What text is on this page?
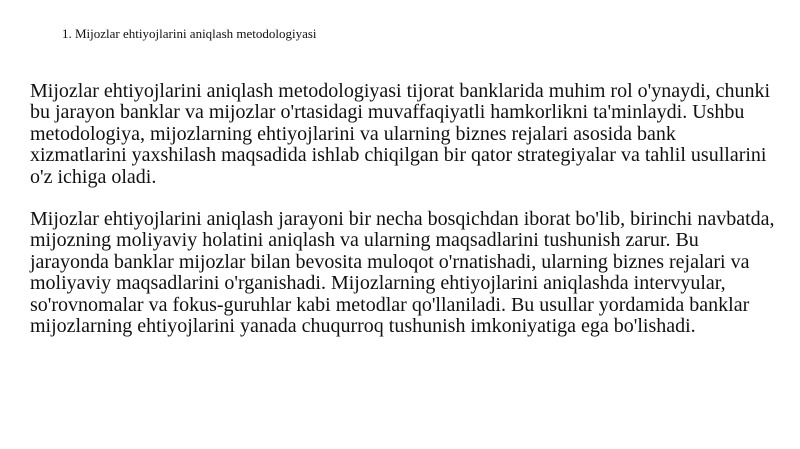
1. Mijozlar ehtiyojlarini aniqlash metodologiyasi

Mijozlar ehtiyojlarini aniqlash metodologiyasi tijorat banklarida muhim rol o'ynaydi, chunki bu jarayon banklar va mijozlar o'rtasidagi muvaffaqiyatli hamkorlikni ta'minlaydi. Ushbu metodologiya, mijozlarning ehtiyojlarini va ularning biznes rejalari asosida bank xizmatlarini yaxshilash maqsadida ishlab chiqilgan bir qator strategiyalar va tahlil usullarini o'z ichiga oladi.

Mijozlar ehtiyojlarini aniqlash jarayoni bir necha bosqichdan iborat bo'lib, birinchi navbatda, mijozning moliyaviy holatini aniqlash va ularning maqsadlarini tushunish zarur. Bu jarayonda banklar mijozlar bilan bevosita muloqot o'rnatishadi, ularning biznes rejalari va moliyaviy maqsadlarini o'rganishadi. Mijozlarning ehtiyojlarini aniqlashda intervyular, so'rovnomalar va fokus-guruhlar kabi metodlar qo'llaniladi. Bu usullar yordamida banklar mijozlarning ehtiyojlarini yanada chuqurroq tushunish imkoniyatiga ega bo'lishadi.
